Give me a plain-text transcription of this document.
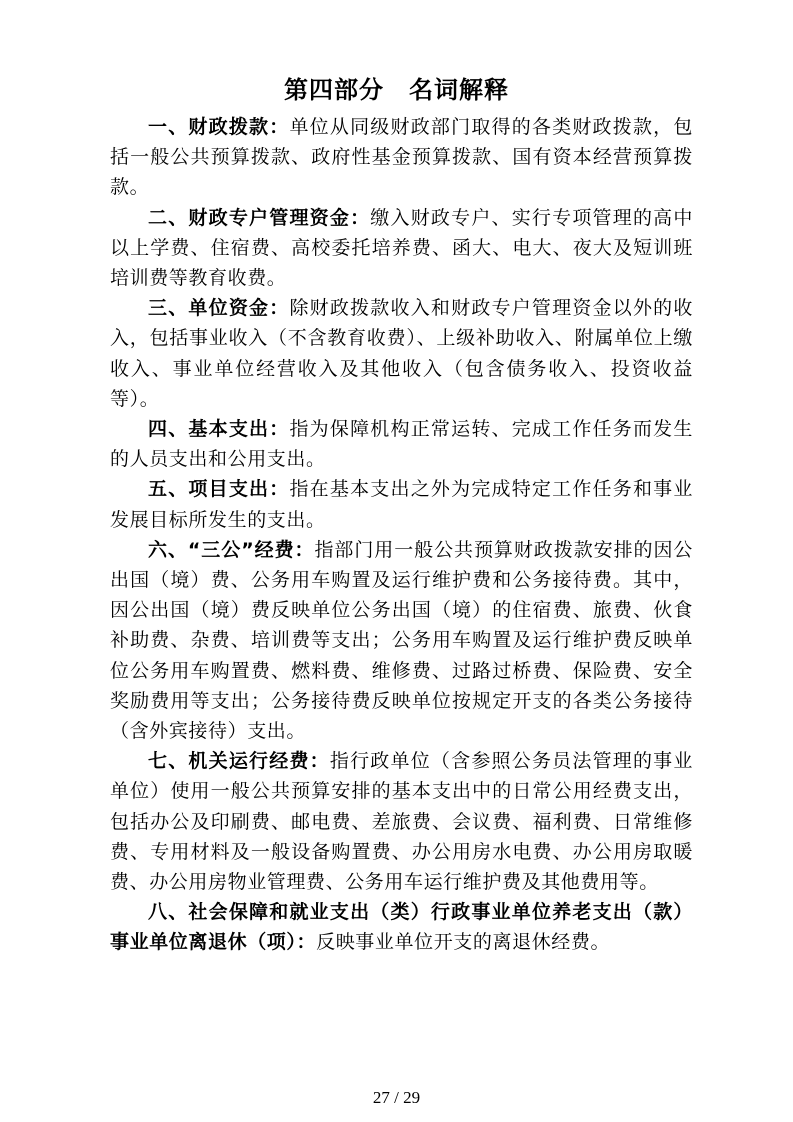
第四部分　名词解释

一、财政拨款：单位从同级财政部门取得的各类财政拨款，包括一般公共预算拨款、政府性基金预算拨款、国有资本经营预算拨款。

二、财政专户管理资金：缴入财政专户、实行专项管理的高中以上学费、住宿费、高校委托培养费、函大、电大、夜大及短训班培训费等教育收费。

三、单位资金：除财政拨款收入和财政专户管理资金以外的收入，包括事业收入（不含教育收费）、上级补助收入、附属单位上缴收入、事业单位经营收入及其他收入（包含债务收入、投资收益等）。

四、基本支出：指为保障机构正常运转、完成工作任务而发生的人员支出和公用支出。

五、项目支出：指在基本支出之外为完成特定工作任务和事业发展目标所发生的支出。

六、“三公”经费：指部门用一般公共预算财政拨款安排的因公出国（境）费、公务用车购置及运行维护费和公务接待费。其中，因公出国（境）费反映单位公务出国（境）的住宿费、旅费、伙食补助费、杂费、培训费等支出；公务用车购置及运行维护费反映单位公务用车购置费、燃料费、维修费、过路过桥费、保险费、安全奖励费用等支出；公务接待费反映单位按规定开支的各类公务接待（含外宾接待）支出。

七、机关运行经费：指行政单位（含参照公务员法管理的事业单位）使用一般公共预算安排的基本支出中的日常公用经费支出，包括办公及印刷费、邮电费、差旅费、会议费、福利费、日常维修费、专用材料及一般设备购置费、办公用房水电费、办公用房取暖费、办公用房物业管理费、公务用车运行维护费及其他费用等。

八、社会保障和就业支出（类）行政事业单位养老支出（款）事业单位离退休（项）：反映事业单位开支的离退休经费。

27 / 29
